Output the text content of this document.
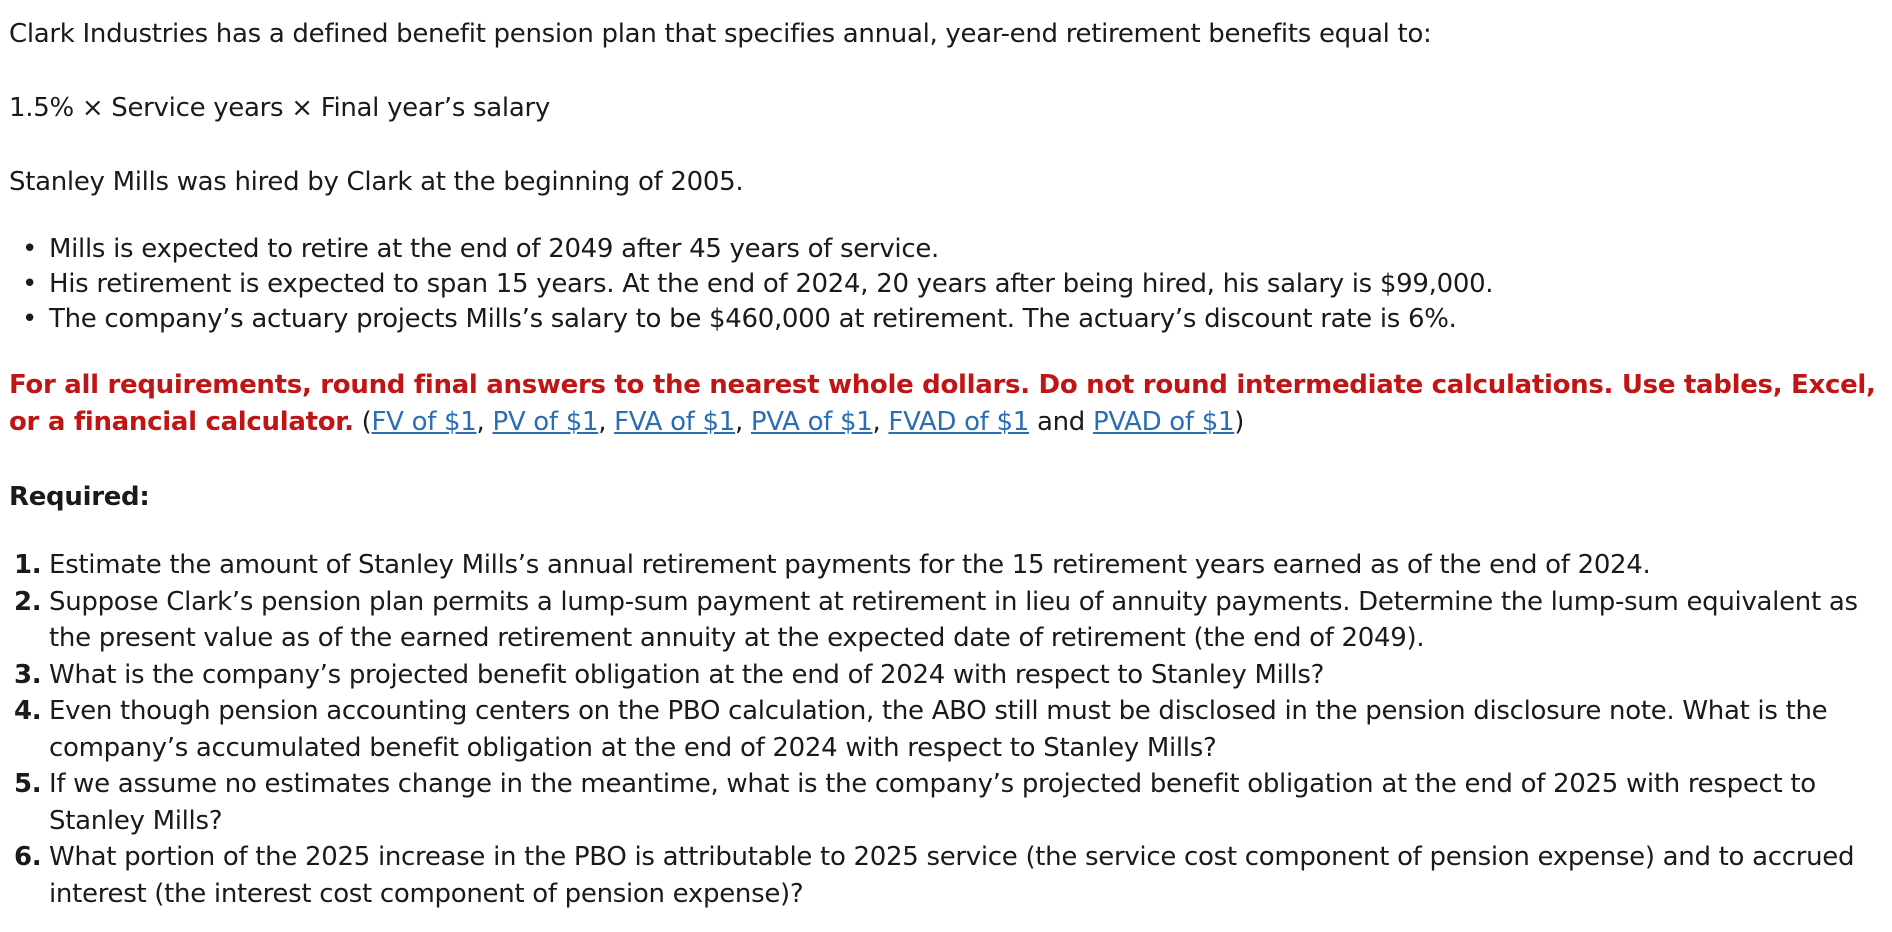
Clark Industries has a defined benefit pension plan that specifies annual, year-end retirement benefits equal to:

1.5% × Service years × Final year’s salary

Stanley Mills was hired by Clark at the beginning of 2005.

• Mills is expected to retire at the end of 2049 after 45 years of service.
• His retirement is expected to span 15 years. At the end of 2024, 20 years after being hired, his salary is $99,000.
• The company’s actuary projects Mills’s salary to be $460,000 at retirement. The actuary’s discount rate is 6%.

For all requirements, round final answers to the nearest whole dollars. Do not round intermediate calculations. Use tables, Excel, or a financial calculator. (FV of $1, PV of $1, FVA of $1, PVA of $1, FVAD of $1 and PVAD of $1)

Required:

1. Estimate the amount of Stanley Mills’s annual retirement payments for the 15 retirement years earned as of the end of 2024.
2. Suppose Clark’s pension plan permits a lump-sum payment at retirement in lieu of annuity payments. Determine the lump-sum equivalent as the present value as of the earned retirement annuity at the expected date of retirement (the end of 2049).
3. What is the company’s projected benefit obligation at the end of 2024 with respect to Stanley Mills?
4. Even though pension accounting centers on the PBO calculation, the ABO still must be disclosed in the pension disclosure note. What is the company’s accumulated benefit obligation at the end of 2024 with respect to Stanley Mills?
5. If we assume no estimates change in the meantime, what is the company’s projected benefit obligation at the end of 2025 with respect to Stanley Mills?
6. What portion of the 2025 increase in the PBO is attributable to 2025 service (the service cost component of pension expense) and to accrued interest (the interest cost component of pension expense)?
